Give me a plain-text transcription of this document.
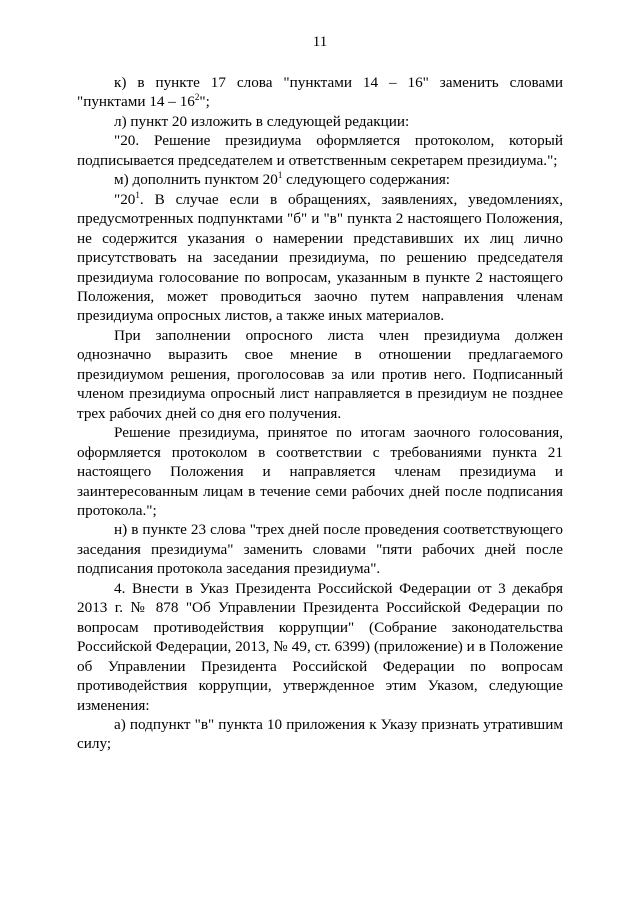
11

к) в пункте 17 слова "пунктами 14 – 16" заменить словами "пунктами $14 - 16^2$";

л) пункт 20 изложить в следующей редакции:

"20. Решение президиума оформляется протоколом, который подписывается председателем и ответственным секретарем президиума.";

м) дополнить пунктом $20^1$ следующего содержания:

"$20^1$. В случае если в обращениях, заявлениях, уведомлениях, предусмотренных подпунктами "б" и "в" пункта 2 настоящего Положения, не содержится указания о намерении представивших их лиц лично присутствовать на заседании президиума, по решению председателя президиума голосование по вопросам, указанным в пункте 2 настоящего Положения, может проводиться заочно путем направления членам президиума опросных листов, а также иных материалов.

При заполнении опросного листа член президиума должен однозначно выразить свое мнение в отношении предлагаемого президиумом решения, проголосовав за или против него. Подписанный членом президиума опросный лист направляется в президиум не позднее трех рабочих дней со дня его получения.

Решение президиума, принятое по итогам заочного голосования, оформляется протоколом в соответствии с требованиями пункта 21 настоящего Положения и направляется членам президиума и заинтересованным лицам в течение семи рабочих дней после подписания протокола.";

н) в пункте 23 слова "трех дней после проведения соответствующего заседания президиума" заменить словами "пяти рабочих дней после подписания протокола заседания президиума".

4. Внести в Указ Президента Российской Федерации от 3 декабря 2013 г. № 878 "Об Управлении Президента Российской Федерации по вопросам противодействия коррупции" (Собрание законодательства Российской Федерации, 2013, № 49, ст. 6399) (приложение) и в Положение об Управлении Президента Российской Федерации по вопросам противодействия коррупции, утвержденное этим Указом, следующие изменения:

а) подпункт "в" пункта 10 приложения к Указу признать утратившим силу;
